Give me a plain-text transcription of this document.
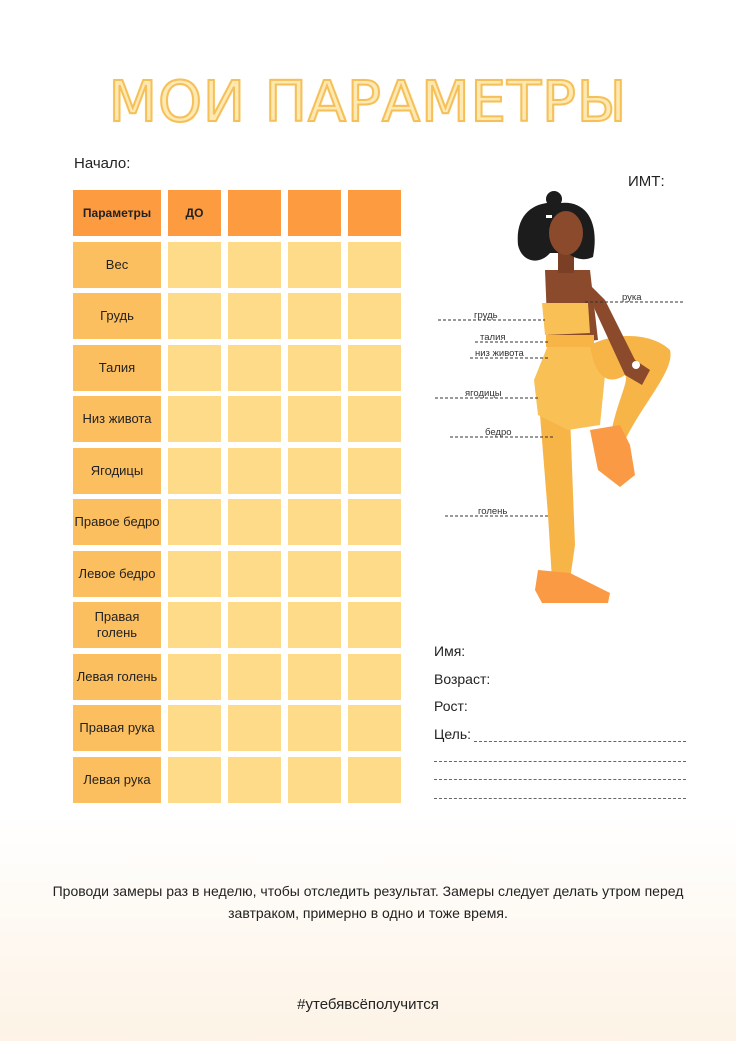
МОИ ПАРАМЕТРЫ
Начало:
ИМТ:
Параметры	ДО
Вес
Грудь
Талия
Низ живота
Ягодицы
Правое бедро
Левое бедро
Правая голень
Левая голень
Правая рука
Левая рука
рука
грудь
талия
низ живота
ягодицы
бедро
голень
Имя:
Возраст:
Рост:
Цель:
Проводи замеры раз в неделю, чтобы отследить результат. Замеры следует делать утром перед завтраком, примерно в одно и тоже время.
#утебявсёполучится
